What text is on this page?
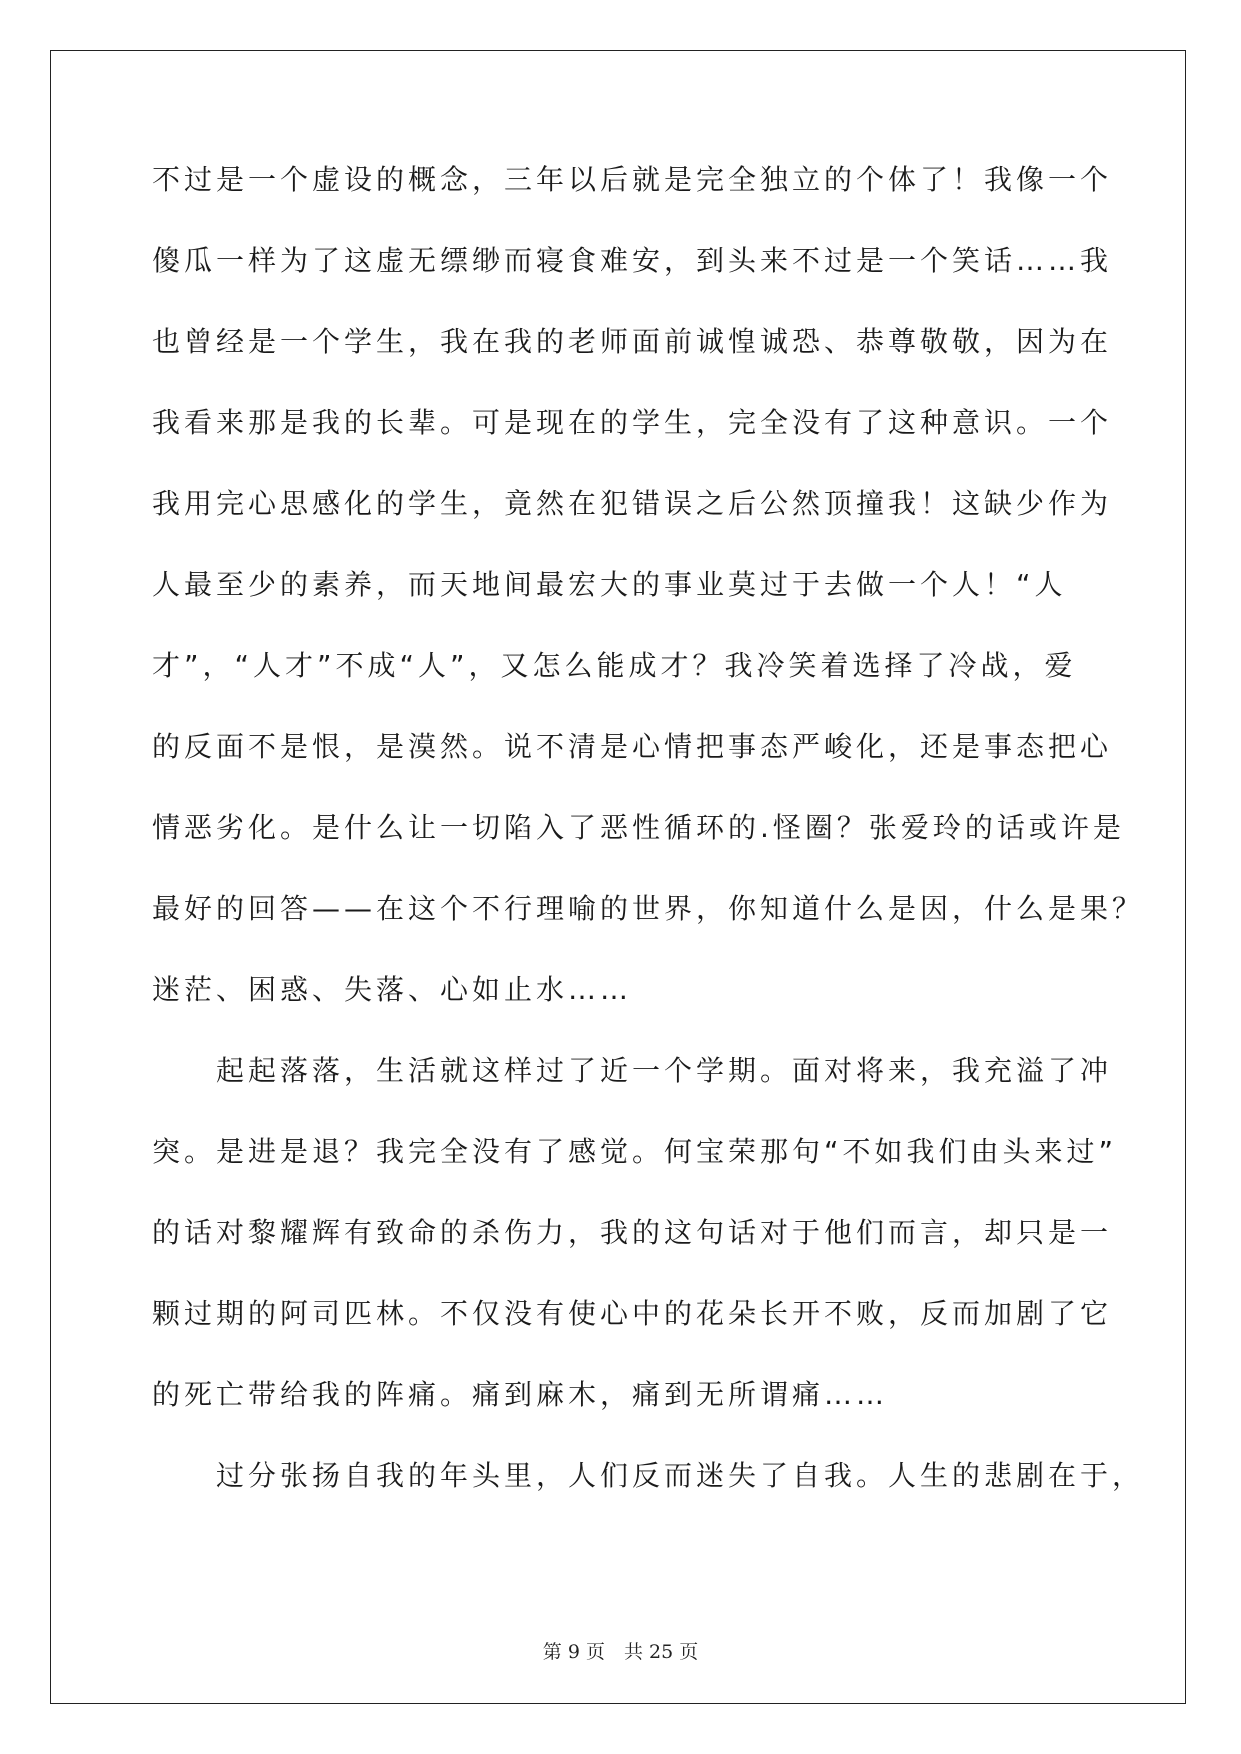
不过是一个虚设的概念，三年以后就是完全独立的个体了！我像一个
傻瓜一样为了这虚无缥缈而寝食难安，到头来不过是一个笑话……我
也曾经是一个学生，我在我的老师面前诚惶诚恐、恭尊敬敬，因为在
我看来那是我的长辈。可是现在的学生，完全没有了这种意识。一个
我用完心思感化的学生，竟然在犯错误之后公然顶撞我！这缺少作为
人最至少的素养，而天地间最宏大的事业莫过于去做一个人！“人
才”，“人才”不成“人”，又怎么能成才？我冷笑着选择了冷战，爱
的反面不是恨，是漠然。说不清是心情把事态严峻化，还是事态把心
情恶劣化。是什么让一切陷入了恶性循环的.怪圈？张爱玲的话或许是
最好的回答——在这个不行理喻的世界，你知道什么是因，什么是果？
迷茫、困惑、失落、心如止水……
起起落落，生活就这样过了近一个学期。面对将来，我充溢了冲
突。是进是退？我完全没有了感觉。何宝荣那句“不如我们由头来过”
的话对黎耀辉有致命的杀伤力，我的这句话对于他们而言，却只是一
颗过期的阿司匹林。不仅没有使心中的花朵长开不败，反而加剧了它
的死亡带给我的阵痛。痛到麻木，痛到无所谓痛……
过分张扬自我的年头里，人们反而迷失了自我。人生的悲剧在于，
第 9 页　共 25 页
